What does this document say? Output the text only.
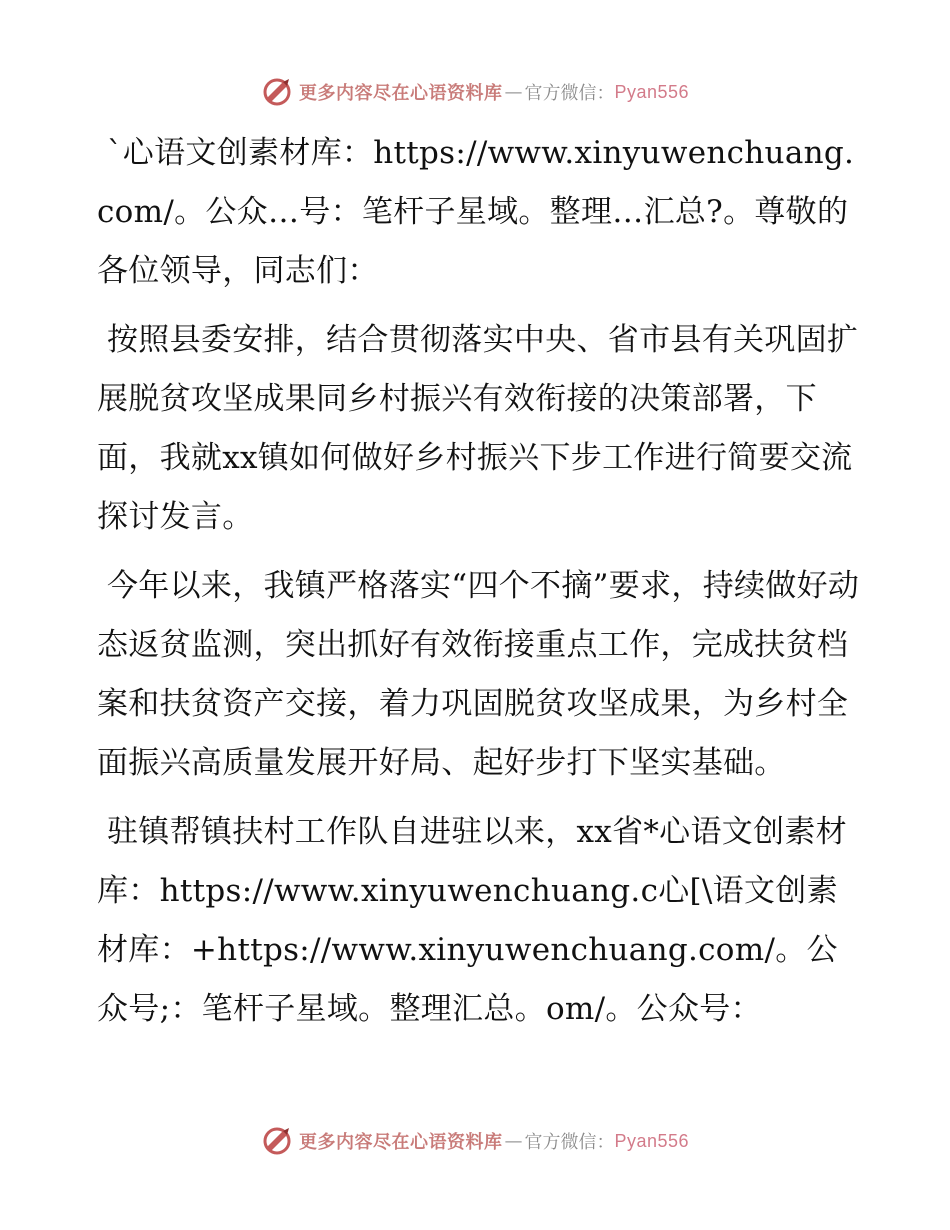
更多内容尽在心语资料库 — 官方微信： Pyan556

`心语文创素材库：https://www.xinyuwenchuang.com/。公众…号：笔杆子星域。整理…汇总?。尊敬的各位领导，同志们：

按照县委安排，结合贯彻落实中央、省市县有关巩固扩展脱贫攻坚成果同乡村振兴有效衔接的决策部署，下面，我就xx镇如何做好乡村振兴下步工作进行简要交流探讨发言。

今年以来，我镇严格落实“四个不摘”要求，持续做好动态返贫监测，突出抓好有效衔接重点工作，完成扶贫档案和扶贫资产交接，着力巩固脱贫攻坚成果，为乡村全面振兴高质量发展开好局、起好步打下坚实基础。

驻镇帮镇扶村工作队自进驻以来，xx省*心语文创素材库：https://www.xinyuwenchuang.c心[\语文创素材库：+https://www.xinyuwenchuang.com/。公众号;：笔杆子星域。整理汇总。om/。公众号：

更多内容尽在心语资料库 — 官方微信： Pyan556
